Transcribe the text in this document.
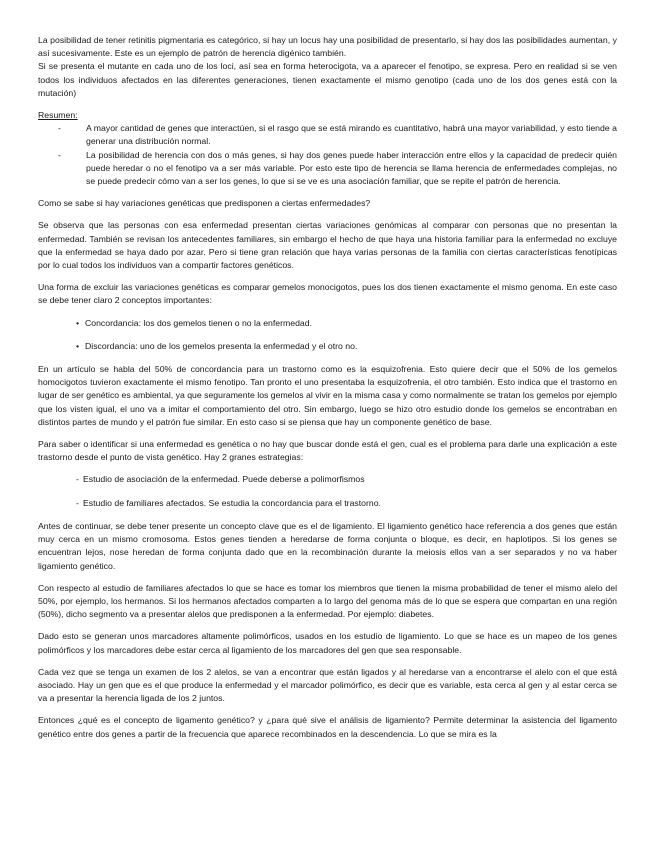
La posibilidad de tener retinitis pigmentaria es categórico, si hay un locus hay una posibilidad de presentarlo, si hay dos las posibilidades aumentan, y así sucesivamente. Este es un ejemplo de patrón de herencia digénico también.

Si se presenta el mutante en cada uno de los loci, así sea en forma heterocigota, va a aparecer el fenotipo, se expresa. Pero en realidad si se ven todos los individuos afectados en las diferentes generaciones, tienen exactamente el mismo genotipo (cada uno de los dos genes está con la mutación)

Resumen:

-	A mayor cantidad de genes que interactúen, si el rasgo que se está mirando es cuantitativo, habrá una mayor variabilidad, y esto tiende a generar una distribución normal.
-	La posibilidad de herencia con dos o más genes, si hay dos genes puede haber interacción entre ellos y la capacidad de predecir quién puede heredar o no el fenotipo va a ser más variable. Por esto este tipo de herencia se llama herencia de enfermedades complejas, no se puede predecir cómo van a ser los genes, lo que si se ve es una asociación familiar, que se repite el patrón de herencia.

Como se sabe si hay variaciones genéticas que predisponen a ciertas enfermedades?

Se observa que las personas con esa enfermedad presentan ciertas variaciones genómicas al comparar con personas que no presentan la enfermedad. También se revisan los antecedentes familiares, sin embargo el hecho de que haya una historia familiar para la enfermedad no excluye que la enfermedad se haya dado por azar. Pero si tiene gran relación que haya varias personas de la familia con ciertas características fenotípicas por lo cual todos los individuos van a compartir factores genéticos.

Una forma de excluir las variaciones genéticas es comparar gemelos monocigotos, pues los dos tienen exactamente el mismo genoma. En este caso se debe tener claro 2 conceptos importantes:

• Concordancia: los dos gemelos tienen o no la enfermedad.
• Discordancia: uno de los gemelos presenta la enfermedad y el otro no.

En un artículo se habla del 50% de concordancia para un trastorno como es la esquizofrenia. Esto quiere decir que el 50% de los gemelos homocigotos tuvieron exactamente el mismo fenotipo. Tan pronto el uno presentaba la esquizofrenia, el otro también. Esto indica que el trastorno en lugar de ser genético es ambiental, ya que seguramente los gemelos al vivir en la misma casa y como normalmente se tratan los gemelos por ejemplo que los visten igual, el uno va a imitar el comportamiento del otro. Sin embargo, luego se hizo otro estudio donde los gemelos se encontraban en distintos partes de mundo y el patrón fue similar. En esto caso si se piensa que hay un componente genético de base.

Para saber o identificar si una enfermedad es genética o no hay que buscar donde está el gen, cual es el problema para darle una explicación a este trastorno desde el punto de vista genético. Hay 2 granes estrategias:

- Estudio de asociación de la enfermedad. Puede deberse a polimorfismos
- Estudio de familiares afectados. Se estudia la concordancia para el trastorno.

Antes de continuar, se debe tener presente un concepto clave que es el de ligamiento. El ligamiento genético hace referencia a dos genes que están muy cerca en un mismo cromosoma. Estos genes tienden a heredarse de forma conjunta o bloque, es decir, en haplotipos. Si los genes se encuentran lejos, nose heredan de forma conjunta dado que en la recombinación durante la meiosis ellos van a ser separados y no va haber ligamiento genético.

Con respecto al estudio de familiares afectados lo que se hace es tomar los miembros que tienen la misma probabilidad de tener el mismo alelo del 50%, por ejemplo, los hermanos. Si los hermanos afectados comparten a lo largo del genoma más de lo que se espera que compartan en una región (50%), dicho segmento va a presentar alelos que predisponen a la enfermedad. Por ejemplo: diabetes.

Dado esto se generan unos marcadores altamente polimórficos, usados en los estudio de ligamiento. Lo que se hace es un mapeo de los genes polimórficos y los marcadores debe estar cerca al ligamiento de los marcadores del gen que sea responsable.

Cada vez que se tenga un examen de los 2 alelos, se van a encontrar que están ligados y al heredarse van a encontrarse el alelo con el que está asociado. Hay un gen que es el que produce la enfermedad y el marcador polimórfico, es decir que es variable, esta cerca al gen y al estar cerca se va a presentar la herencia ligada de los 2 juntos.

Entonces ¿qué es el concepto de ligamento genético? y ¿para qué sive el análisis de ligamiento? Permite determinar la asistencia del ligamento genético entre dos genes a partir de la frecuencia que aparece recombinados en la descendencia. Lo que se mira es la
